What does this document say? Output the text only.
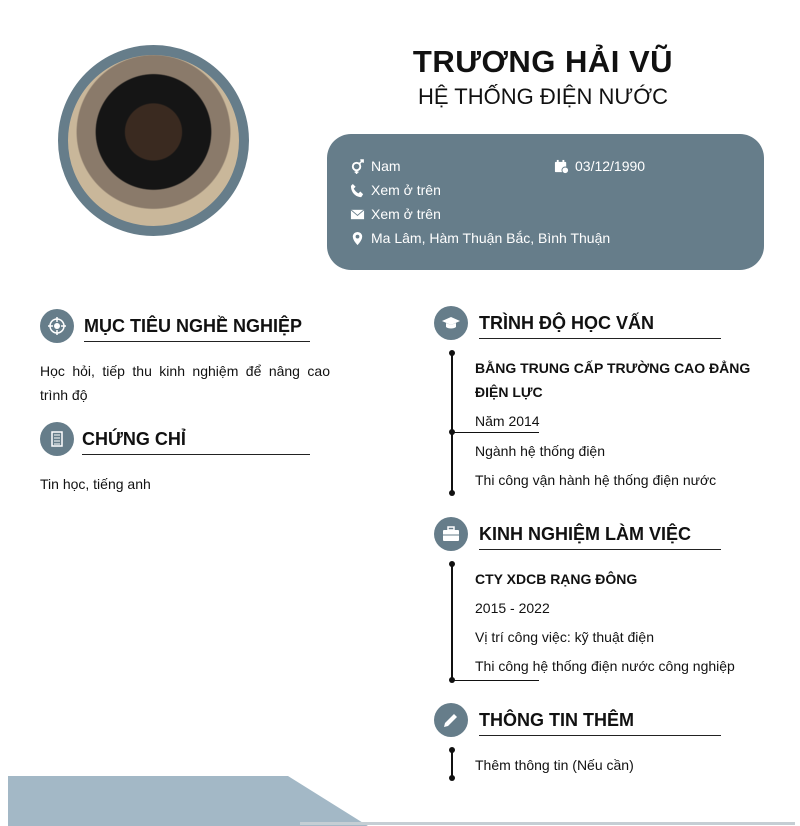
TRƯƠNG HẢI VŨ
HỆ THỐNG ĐIỆN NƯỚC
Nam	03/12/1990
Xem ở trên
Xem ở trên
Ma Lâm, Hàm Thuận Bắc, Bình Thuận
MỤC TIÊU NGHỀ NGHIỆP
Học hỏi, tiếp thu kinh nghiệm để nâng cao trình độ
CHỨNG CHỈ
Tin học, tiếng anh
TRÌNH ĐỘ HỌC VẤN
BẰNG TRUNG CẤP TRƯỜNG CAO ĐẲNG ĐIỆN LỰC
Năm 2014
Ngành hệ thống điện
Thi công vận hành hệ thống điện nước
KINH NGHIỆM LÀM VIỆC
CTY XDCB RẠNG ĐÔNG
2015 - 2022
Vị trí công việc: kỹ thuật điện
Thi công hệ thống điện nước công nghiệp
THÔNG TIN THÊM
Thêm thông tin (Nếu cần)
